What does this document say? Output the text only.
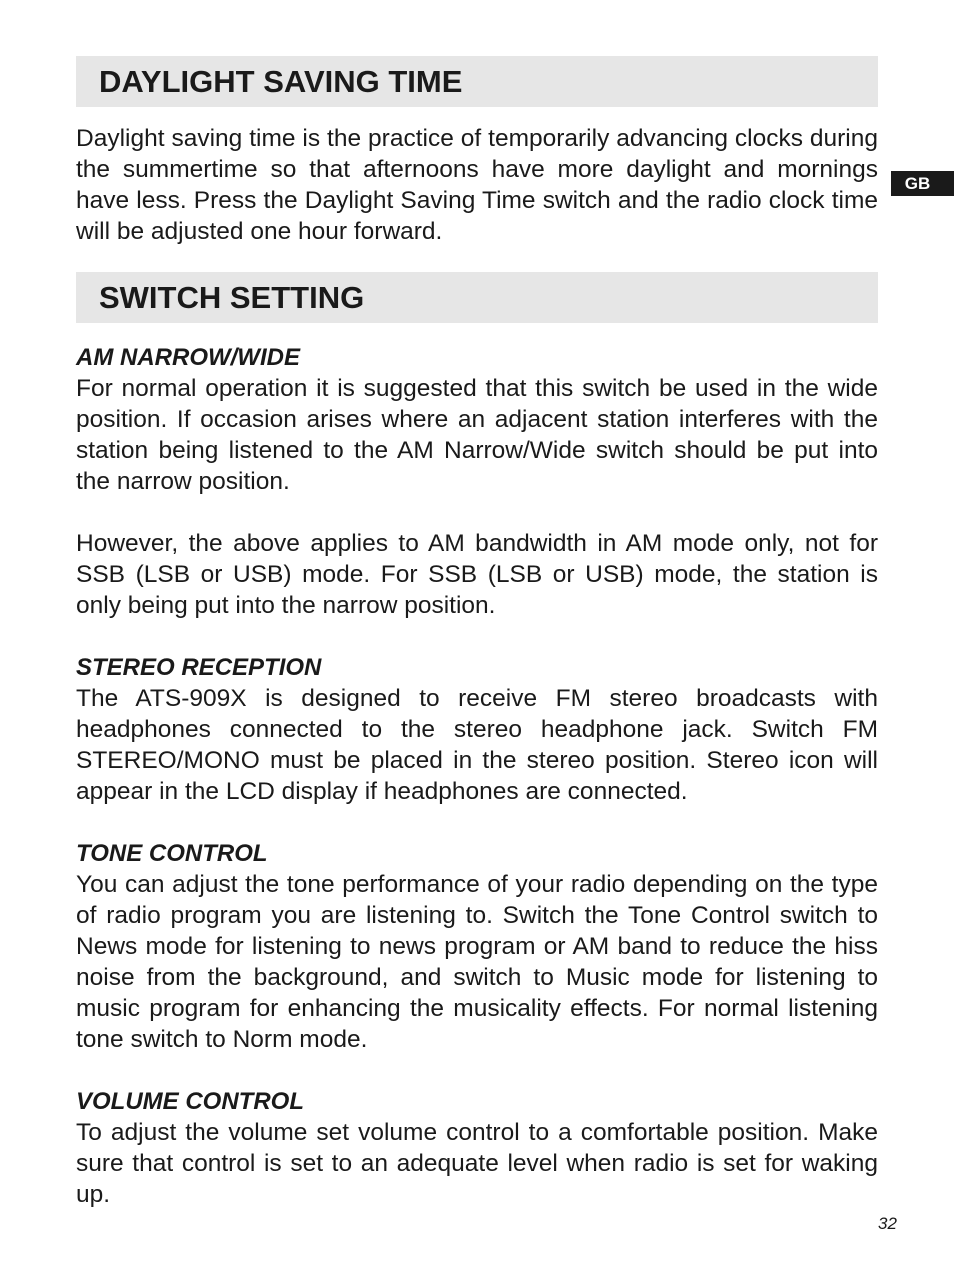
GB
DAYLIGHT SAVING TIME

Daylight saving time is the practice of temporarily advancing clocks during the summertime so that afternoons have more daylight and mornings have less. Press the Daylight Saving Time switch and the radio clock time will be adjusted one hour forward.

SWITCH SETTING

AM NARROW/WIDE

For normal operation it is suggested that this switch be used in the wide position. If occasion arises where an adjacent station interferes with the station being listened to the AM Narrow/Wide switch should be put into the narrow position.

However, the above applies to AM bandwidth in AM mode only, not for SSB (LSB or USB) mode. For SSB (LSB or USB) mode, the station is only being put into the narrow position.

STEREO RECEPTION

The ATS-909X is designed to receive FM stereo broadcasts with headphones connected to the stereo headphone jack. Switch FM STEREO/MONO must be placed in the stereo position. Stereo icon will appear in the LCD display if headphones are connected.

TONE CONTROL

You can adjust the tone performance of your radio depending on the type of radio program you are listening to. Switch the Tone Control switch to News mode for listening to news program or AM band to reduce the hiss noise from the background, and switch to Music mode for listening to music program for enhancing the musicality effects. For normal listening tone switch to Norm mode.

VOLUME CONTROL

To adjust the volume set volume control to a comfortable position. Make sure that control is set to an adequate level when radio is set for waking up.

32
